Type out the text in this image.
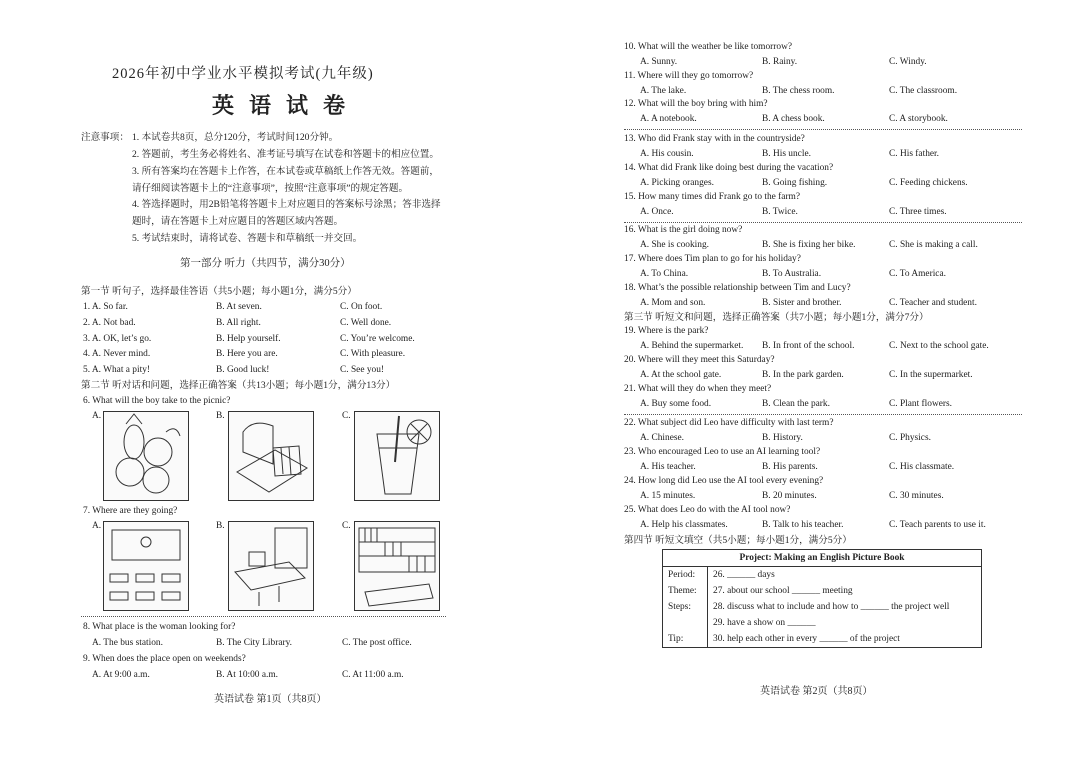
2026年初中学业水平模拟考试(九年级)
英语试卷
注意事项： 1. 本试卷共8页，总分120分，考试时间120分钟。
2. 答题前，考生务必将姓名、准考证号填写在试卷和答题卡的相应位置。
3. 所有答案均在答题卡上作答，在本试卷或草稿纸上作答无效。答题前，
请仔细阅读答题卡上的“注意事项”，按照“注意事项”的规定答题。
4. 答选择题时，用2B铅笔将答题卡上对应题目的答案标号涂黑；答非选择
题时，请在答题卡上对应题目的答题区域内答题。
5. 考试结束时，请将试卷、答题卡和草稿纸一并交回。
第一部分 听力（共四节，满分30分）
第一节 听句子，选择最佳答语（共5小题；每小题1分，满分5分）
1. A. So far.	B. At seven.	C. On foot.
2. A. Not bad.	B. All right.	C. Well done.
3. A. OK, let’s go.	B. Help yourself.	C. You’re welcome.
4. A. Never mind.	B. Here you are.	C. With pleasure.
5. A. What a pity!	B. Good luck!	C. See you!
第二节 听对话和问题，选择正确答案（共13小题；每小题1分，满分13分）
6. What will the boy take to the picnic?
A.	B.	C.
7. Where are they going?
A.	B.	C.
8. What place is the woman looking for?
A. The bus station.	B. The City Library.	C. The post office.
9. When does the place open on weekends?
A. At 9:00 a.m.	B. At 10:00 a.m.	C. At 11:00 a.m.
英语试卷 第1页（共8页）
10. What will the weather be like tomorrow?
A. Sunny.	B. Rainy.	C. Windy.
11. Where will they go tomorrow?
A. The lake.	B. The chess room.	C. The classroom.
12. What will the boy bring with him?
A. A notebook.	B. A chess book.	C. A storybook.
13. Who did Frank stay with in the countryside?
A. His cousin.	B. His uncle.	C. His father.
14. What did Frank like doing best during the vacation?
A. Picking oranges.	B. Going fishing.	C. Feeding chickens.
15. How many times did Frank go to the farm?
A. Once.	B. Twice.	C. Three times.
16. What is the girl doing now?
A. She is cooking.	B. She is fixing her bike.	C. She is making a call.
17. Where does Tim plan to go for his holiday?
A. To China.	B. To Australia.	C. To America.
18. What’s the possible relationship between Tim and Lucy?
A. Mom and son.	B. Sister and brother.	C. Teacher and student.
19. Where is the park?
A. Behind the supermarket. B. In front of the school.	C. Next to the school gate.
20. Where will they meet this Saturday?
A. At the school gate.	B. In the park garden.	C. In the supermarket.
21. What will they do when they meet?
A. Buy some food.	B. Clean the park.	C. Plant flowers.
22. What subject did Leo have difficulty with last term?
A. Chinese.	B. History.	C. Physics.
23. Who encouraged Leo to use an AI learning tool?
A. His teacher.	B. His parents.	C. His classmate.
24. How long did Leo use the AI tool every evening?
A. 15 minutes.	B. 20 minutes.	C. 30 minutes.
25. What does Leo do with the AI tool now?
A. Help his classmates.	B. Talk to his teacher.	C. Teach parents to use it.
第三节 听短文和问题，选择正确答案（共7小题；每小题1分，满分7分）
第四节 听短文填空（共5小题；每小题1分，满分5分）
Project: Making an English Picture Book	
Period:	26. ______ days
Theme:	27. about our school ______ meeting
Steps:	28. discuss what to include and how to ______ the project well
	29. have a show on ______
Tip:	30. help each other in every ______ of the project
英语试卷 第2页（共8页）
